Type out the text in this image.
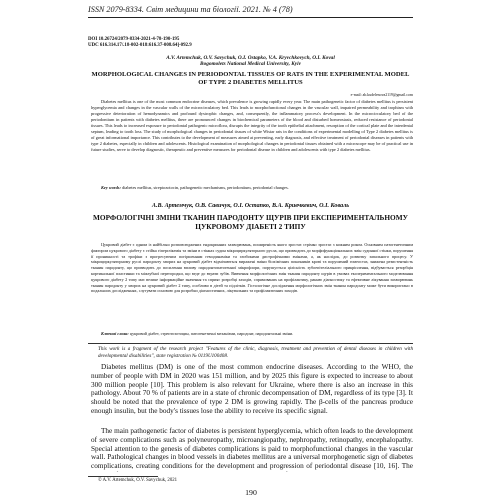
ISSN 2079-8334. Світ медицини та біології. 2021. № 4 (78)
DOI 10.26724/2079-8334-2021-4-78-190-195
UDC 616.314.17/.18-002-018:616.37-008.64]-092.9
A.V. Artemchuk, O.V. Savychuk, O.I. Ostapko, V.A. Kryvchkovych, O.I. Koval
Bogomolets National Medical University, Kyiv
MORPHOLOGICAL CHANGES IN PERIODONTAL TISSUES OF RATS IN THE EXPERIMENTAL MODEL OF TYPE 2 DIABETES MELLITUS
e-mail: ab.kudelenova2119@gmail.com
Diabetes mellitus is one of the most common endocrine diseases, which prevalence is growing rapidly every year. The main pathogenetic factor of diabetes mellitus is persistent hyperglycemia and changes in the vascular walls of the microcirculatory bed. This leads to morphofunctional changes in the vascular wall, impaired permeability and trophism with progressive deterioration of hemodynamics and profound dystrophic changes, and, consequently, the inflammatory process's development. In the microcirculatory bed of the periodontium in patients with diabetes mellitus, there are pronounced changes in biochemical parameters of the blood and disturbed homeostasis, reduced resistance of periodontal tissues. This leads to increased exposure to periodontal pathogenic microflora, disrupts the integrity of the tooth epithelial attachment, resorption of the cortical plate and the interdental septum, leading to tooth loss. The study of morphological changes in periodontal tissues of white Wistar rats in the conditions of experimental modelling of Type 2 diabetes mellitus is of great informational importance. This contributes to the development of measures aimed at preventing, early diagnosis, and effective treatment of periodontal diseases in patients with type 2 diabetes, especially in children and adolescents. Histological examination of morphological changes in periodontal tissues obtained with a microscope may be of practical use in future studies, serve to develop diagnostic, therapeutic and preventive measures for periodontal disease in children and adolescents with type 2 diabetes mellitus.
Key words: diabetes mellitus, streptozotocin, pathogenetic mechanisms, periodontium, periodontal changes.
А.В. Артемчук, О.В. Савичук, О.І. Остапко, В.А. Кривчкевич, О.І. Коваль
МОРФОЛОГІЧНІ ЗМІНИ ТКАНИН ПАРОДОНТУ ЩУРІВ ПРИ ЕКСПЕРИМЕНТАЛЬНОМУ ЦУКРОВОМУ ДІАБЕТІ 2 ТИПУ
Цукровий діабет є одним із найбільш розповсюджених ендокринних захворювань, поширеність якого зростає стрімко зростає з кожним роком. Основним патогенетичним фактором цукрового діабету є стійка гіперглікемія та зміни в стінках судин мікроциркуляторного русла, що призводить до морфофункціональних змін судинної стінки, порушення її проникності та трофіки з прогресуючим погіршенням гемодинаміки та глибокими дистрофічними змінами, а, як наслідок, до розвитку запального процесу. У мікроциркуляторному руслі пародонту хворих на цукровий діабет відмічаються виражені зміни біохімічних показників крові та порушений гомеостаз, знижена резистентність тканин пародонту, що призводить до посилення впливу пародонтопатогенної мікрофлори, порушується цілісність зубоепітеліального прикріплення, відбувається резорбція кортикальної пластинки та міжзубної перегородки, що веде до втрати зубів. Вивчення морфологічних змін тканин пародонту щурів в умовах експериментального моделювання цукрового діабету 2 типу має велике інформаційне значення та сприяє розробці заходів, спрямованих на профілактику, ранню діагностику та ефективне лікування захворювань тканин пародонту у хворих на цукровий діабет 2 типу, особливо в дітей та підлітків. Гістологічне дослідження морфологічних змін тканин пародонту може бути використано в подальших дослідженнях, слугувати основою для розробки діагностичних, лікувальних та профілактичних заходів.
Ключові слова: цукровий діабет, стрептозотоцин, патогенетичні механізми, пародонт, пародонтальні зміни.
This work is a fragment of the research project "Features of the clinic, diagnosis, treatment and prevention of dental diseases in children with developmental disabilities", state registration № 0119U100408.
Diabetes mellitus (DM) is one of the most common endocrine diseases. According to the WHO, the number of people with DM in 2020 was 151 million, and by 2025 this figure is expected to increase to about 300 million people [10]. This problem is also relevant for Ukraine, where there is also an increase in this pathology. About 70 % of patients are in a state of chronic decompensation of DM, regardless of its type [3]. It should be noted that the prevalence of type 2 DM is growing rapidly. The β-cells of the pancreas produce enough insulin, but the body's tissues lose the ability to receive its specific signal.
The main pathogenetic factor of diabetes is persistent hyperglycemia, which often leads to the development of severe complications such as polyneuropathy, microangiopathy, nephropathy, retinopathy, encephalopathy. Special attention to the genesis of diabetes complications is paid to morphofunctional changes in the vascular wall. Pathological changes in blood vessels in diabetes mellitus are a universal morphogenetic sign of diabetes complications, creating conditions for the development and progression of periodontal disease [10, 16]. The
© A.V. Artemchuk, O.V. Savychuk, 2021
190
